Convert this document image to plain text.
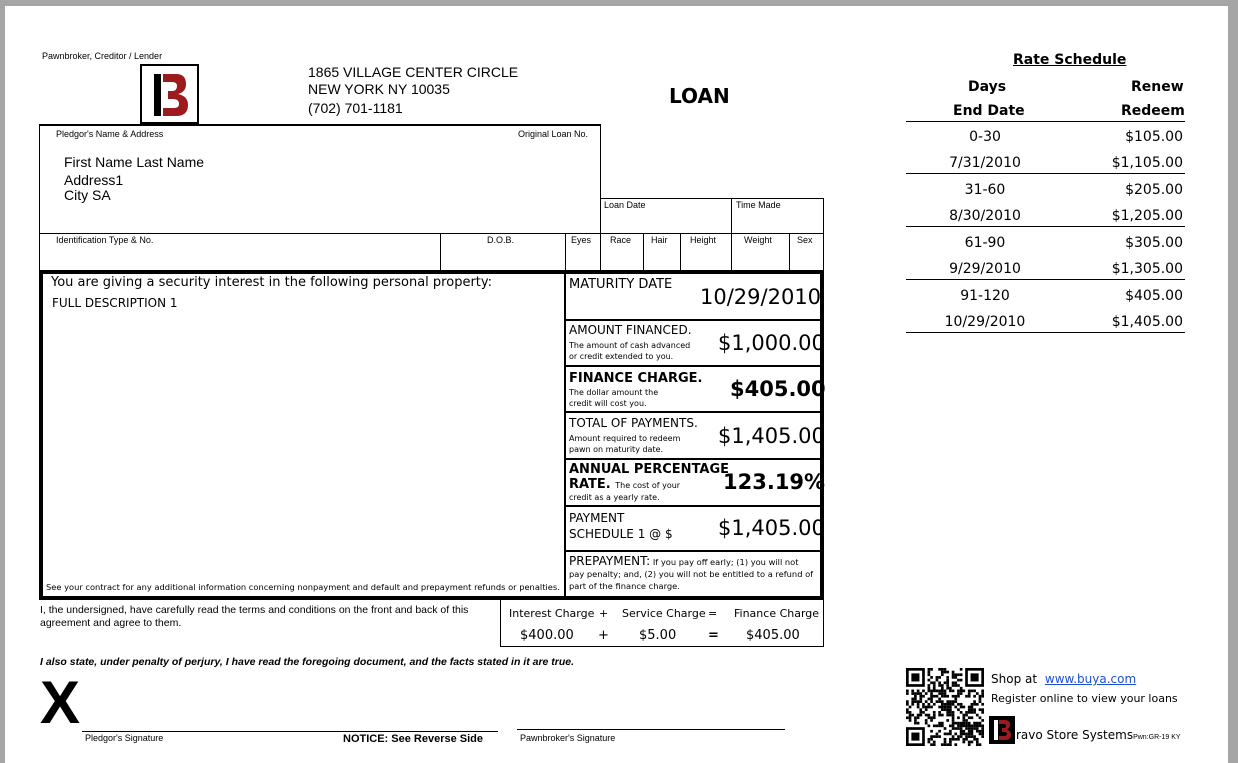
Pawnbroker, Creditor / Lender
1865 VILLAGE CENTER CIRCLE
NEW YORK NY 10035
(702) 701-1181	LOAN
Pledgor's Name & Address	Original Loan No.
First Name Last Name
Address1
City SA
Loan Date	Time Made
Identification Type & No.	D.O.B.	Eyes Race Hair Height	Weight	Sex
You are giving a security interest in the following personal property:
FULL DESCRIPTION 1
See your contract for any additional information concerning nonpayment and default and prepayment refunds or penalties.
MATURITY DATE
10/29/2010
AMOUNT FINANCED.
The amount of cash advanced
or credit extended to you.
$1,000.00
FINANCE CHARGE.
The dollar amount the
credit will cost you.
$405.00
TOTAL OF PAYMENTS.
Amount required to redeem
pawn on maturity date.
$1,405.00
ANNUAL PERCENTAGE
RATE. The cost of your
credit as a yearly rate.
123.19%
PAYMENT
SCHEDULE 1 @ $ $1,405.00
PREPAYMENT: If you pay off early; (1) you will not
pay penalty; and, (2) you will not be entitled to a refund of
part of the finance charge.
I, the undersigned, have carefully read the terms and conditions on the front and back of this
agreement and agree to them.
Interest Charge + Service Charge = Finance Charge
$400.00 + $5.00 = $405.00
I also state, under penalty of perjury, I have read the foregoing document, and the facts stated in it are true.
X
Pledgor's Signature	NOTICE: See Reverse Side	Pawnbroker's Signature
Rate Schedule
Days	Renew
End Date	Redeem
0-30	$105.00
7/31/2010	$1,105.00
31-60	$205.00
8/30/2010	$1,205.00
61-90	$305.00
9/29/2010	$1,305.00
91-120	$405.00
10/29/2010	$1,405.00
Shop at www.buya.com
Register online to view your loans
ravo Store SystemsPwn:GR-19 KY
